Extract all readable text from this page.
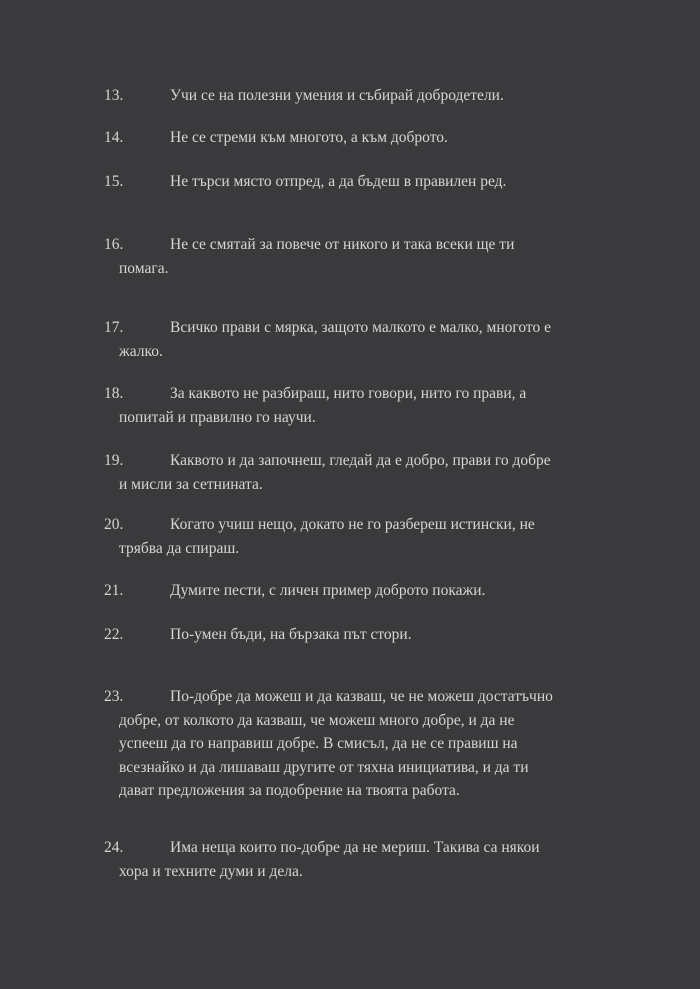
13.	Учи се на полезни умения и събирай добродетели.
14.	Не се стреми към многото, а към доброто.
15.	Не търси място отпред, а да бъдеш в правилен ред.
16.	Не се смятай за повече от никого и така всеки ще ти
помага.
17.	Всичко прави с мярка, защото малкото е малко, многото е
жалко.
18.	За каквото не разбираш, нито говори, нито го прави, а
попитай и правилно го научи.
19.	Каквото и да започнеш, гледай да е добро, прави го добре
и мисли за сетнината.
20.	Когато учиш нещо, докато не го разбереш истински, не
трябва да спираш.
21.	Думите пести, с личен пример доброто покажи.
22.	По-умен бъди, на бързака път стори.
23.	По-добре да можеш и да казваш, че не можеш достатъчно
добре, от колкото да казваш, че можеш много добре, и да не
успееш да го направиш добре. В смисъл, да не се правиш на
всезнайко и да лишаваш другите от тяхна инициатива, и да ти
дават предложения за подобрение на твоята работа.
24.	Има неща които по-добре да не мериш. Такива са някои
хора и техните думи и дела.
